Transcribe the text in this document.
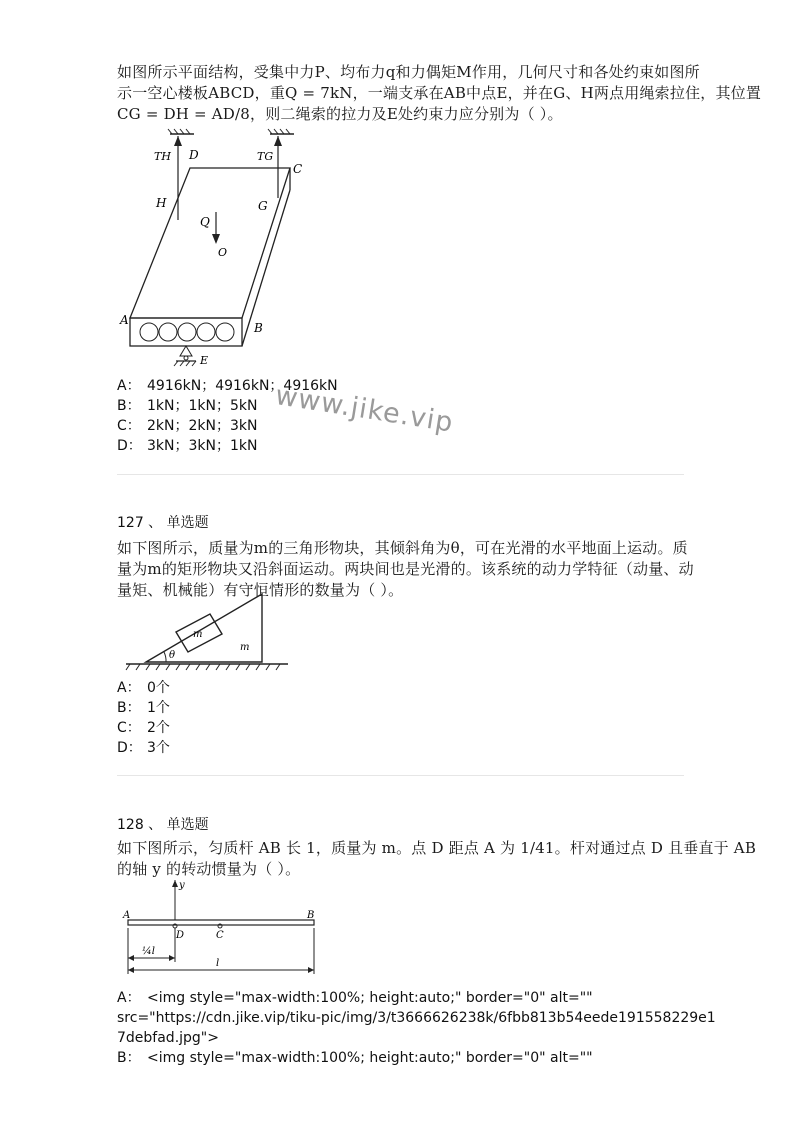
如图所示平面结构，受集中力P、均布力q和力偶矩M作用，几何尺寸和各处约束如图所
示一空心楼板ABCD，重Q = 7kN，一端支承在AB中点E，并在G、H两点用绳索拉住，其位置
CG = DH = AD/8，则二绳索的拉力及E处约束力应分别为（ ）。
TH D	TG
C
H	G
Q
O
A
B
E
A： 4916kN；4916kN；4916kN
B： 1kN；1kN；5kN
C： 2kN；2kN；3kN
D： 3kN；3kN；1kN
www.jike.vip
127 、 单选题
如下图所示，质量为m的三角形物块，其倾斜角为θ，可在光滑的水平地面上运动。质
量为m的矩形物块又沿斜面运动。两块间也是光滑的。该系统的动力学特征（动量、动
量矩、机械能）有守恒情形的数量为（ ）。
θ
m
m
A： 0个
B： 1个
C： 2个
D： 3个
128 、 单选题
如下图所示，匀质杆 AB 长 1，质量为 m。点 D 距点 A 为 1/41。杆对通过点 D 且垂直于 AB
的轴 y 的转动惯量为（ ）。
y
A	B
D	C
¼l
l
A： <img style="max-width:100%; height:auto;" border="0" alt=""
src="https://cdn.jike.vip/tiku-pic/img/3/t3666626238k/6fbb813b54eede191558229e1
7debfad.jpg">
B： <img style="max-width:100%; height:auto;" border="0" alt=""
